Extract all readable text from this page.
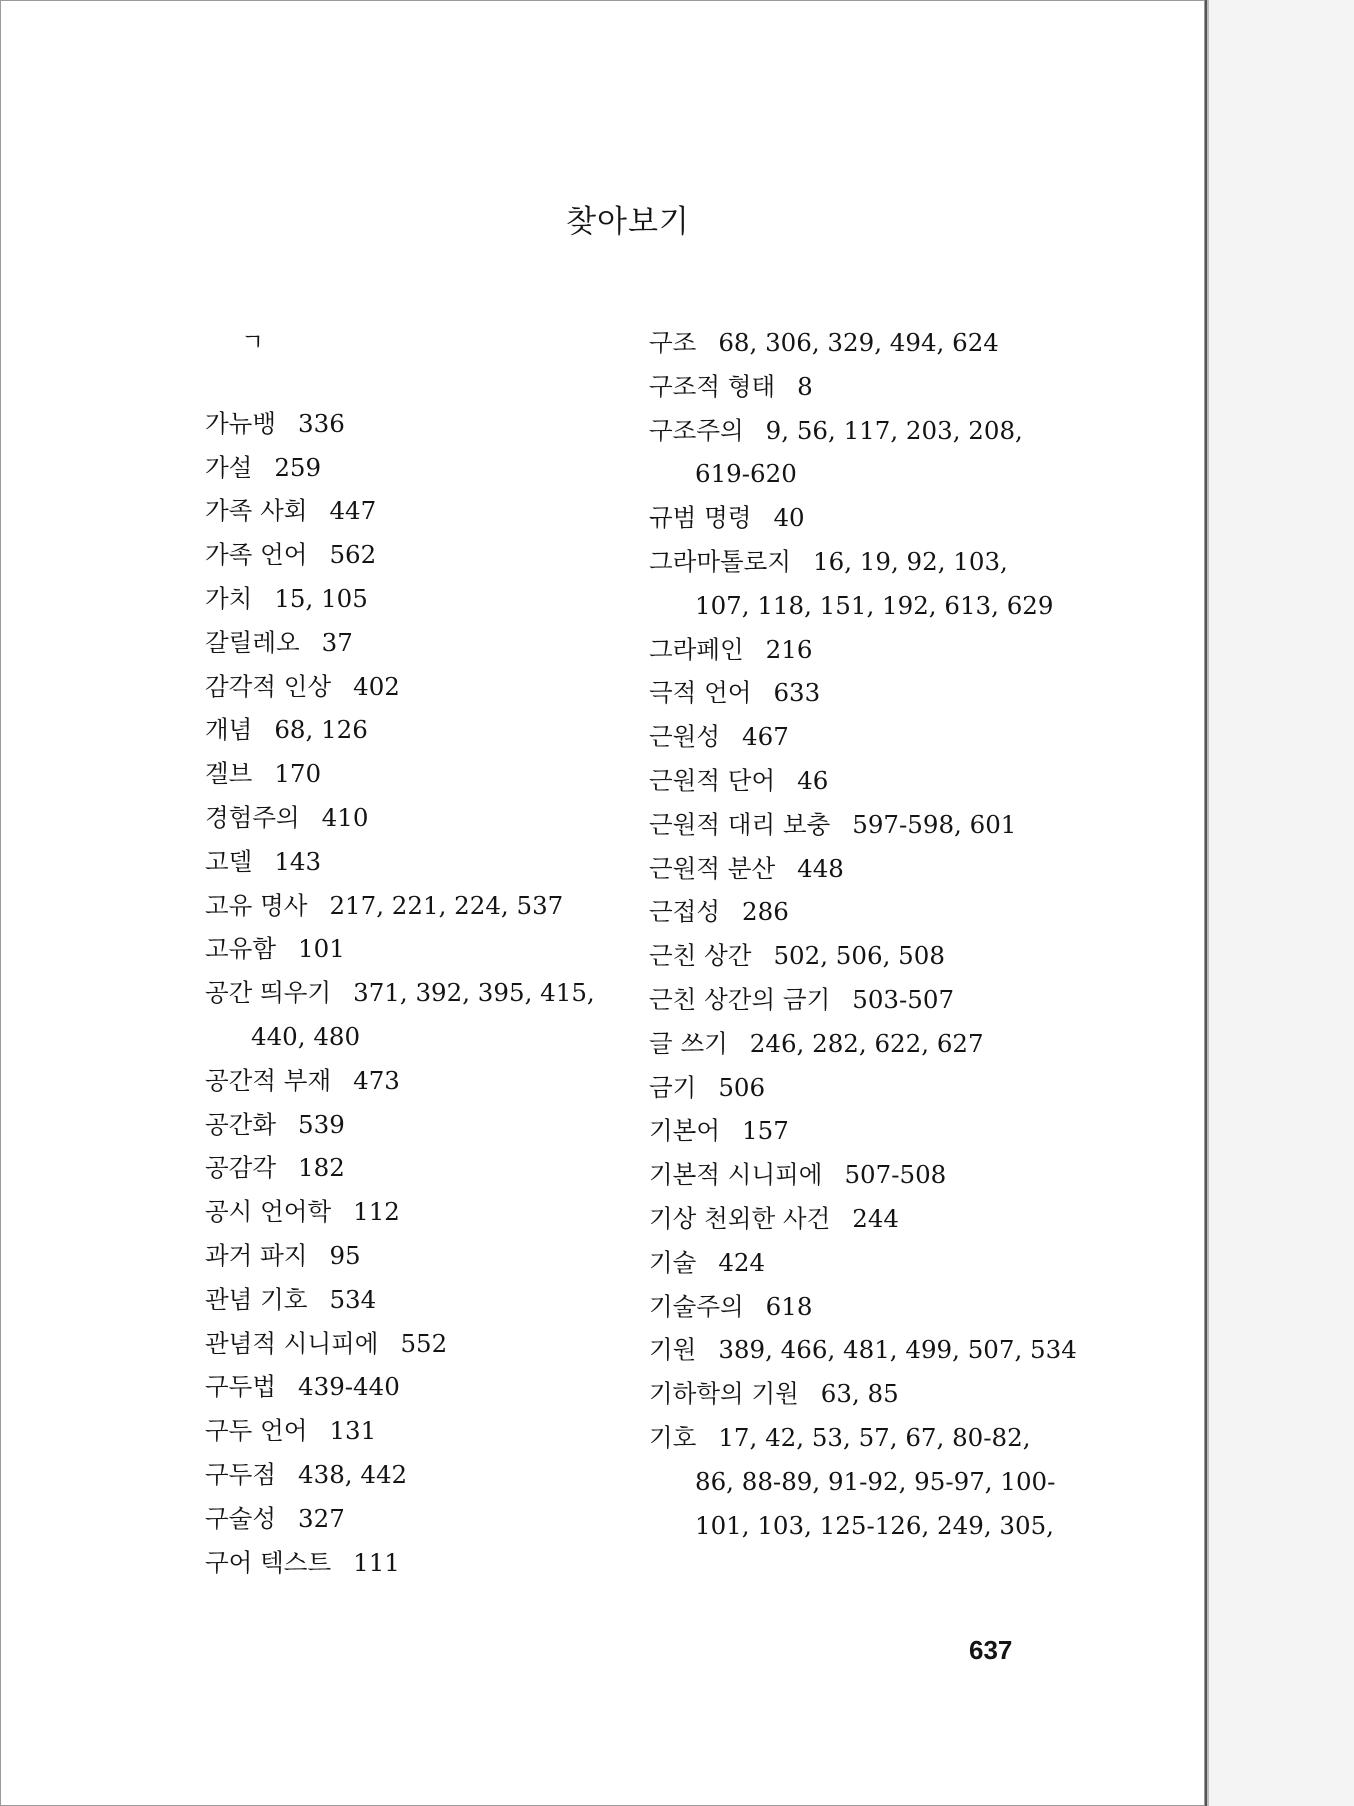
찾아보기
ㄱ
가뉴뱅 336
가설 259
가족 사회 447
가족 언어 562
가치 15, 105
갈릴레오 37
감각적 인상 402
개념 68, 126
겔브 170
경험주의 410
고델 143
고유 명사 217, 221, 224, 537
고유함 101
공간 띄우기 371, 392, 395, 415,
440, 480
공간적 부재 473
공간화 539
공감각 182
공시 언어학 112
과거 파지 95
관념 기호 534
관념적 시니피에 552
구두법 439-440
구두 언어 131
구두점 438, 442
구술성 327
구어 텍스트 111
구조 68, 306, 329, 494, 624
구조적 형태 8
구조주의 9, 56, 117, 203, 208,
619-620
규범 명령 40
그라마톨로지 16, 19, 92, 103,
107, 118, 151, 192, 613, 629
그라페인 216
극적 언어 633
근원성 467
근원적 단어 46
근원적 대리 보충 597-598, 601
근원적 분산 448
근접성 286
근친 상간 502, 506, 508
근친 상간의 금기 503-507
글 쓰기 246, 282, 622, 627
금기 506
기본어 157
기본적 시니피에 507-508
기상 천외한 사건 244
기술 424
기술주의 618
기원 389, 466, 481, 499, 507, 534
기하학의 기원 63, 85
기호 17, 42, 53, 57, 67, 80-82,
86, 88-89, 91-92, 95-97, 100-
101, 103, 125-126, 249, 305,
637
